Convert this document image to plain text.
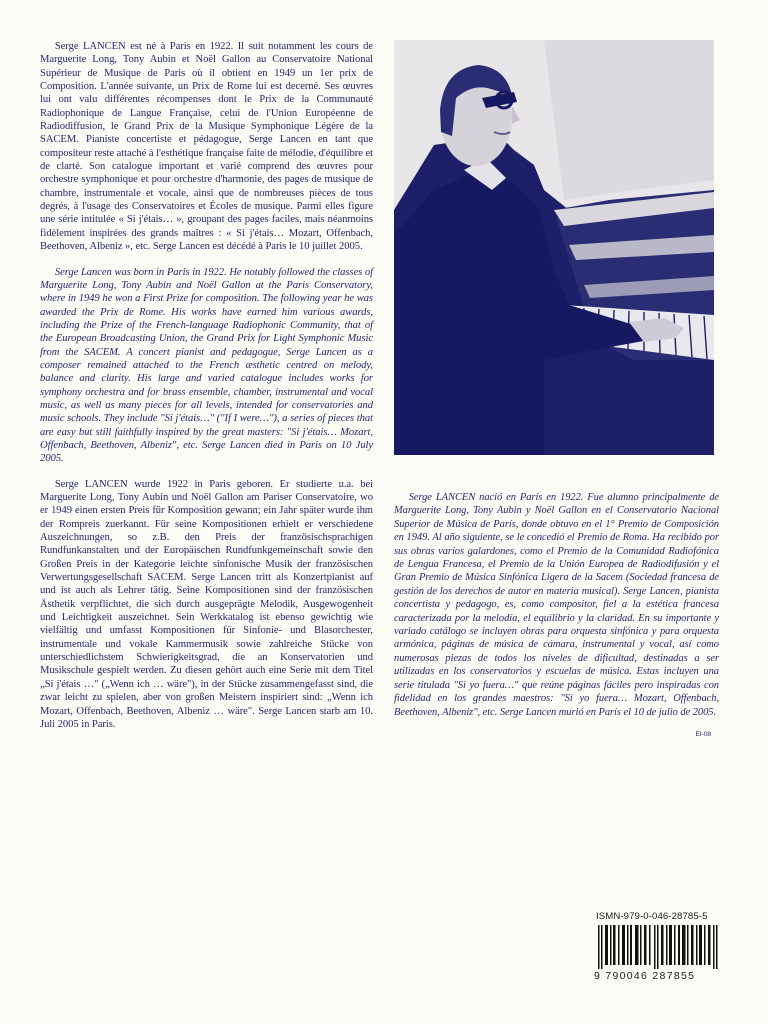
Serge LANCEN est né à Paris en 1922. Il suit notamment les cours de Marguerite Long, Tony Aubin et Noël Gallon au Conservatoire National Supérieur de Musique de Paris où il obtient en 1949 un 1er prix de Composition. L'année suivante, un Prix de Rome lui est decerné. Ses œuvres lui ont valu différentes récompenses dont le Prix de la Communauté Radiophonique de Langue Française, celui de l'Union Européenne de Radiodiffusion, le Grand Prix de la Musique Symphonique Légère de la SACEM. Pianiste concertiste et pédagogue, Serge Lancen en tant que compositeur reste attaché à l'esthétique française faite de mélodie, d'équilibre et de clarté. Son catalogue important et varié comprend des œuvres pour orchestre symphonique et pour orchestre d'harmonie, des pages de musique de chambre, instrumentale et vocale, ainsi que de nombreuses pièces de tous degrés, à l'usage des Conservatoires et Écoles de musique. Parmi elles figure une série intitulée « Si j'étais… », groupant des pages faciles, mais néanmoins fidèlement inspirées des grands maîtres : « Si j'étais… Mozart, Offenbach, Beethoven, Albeniz », etc. Serge Lancen est décédé à Paris le 10 juillet 2005.

Serge Lancen was born in Paris in 1922. He notably followed the classes of Marguerite Long, Tony Aubin and Noël Gallon at the Paris Conservatory, where in 1949 he won a First Prize for composition. The following year he was awarded the Prix de Rome. His works have earned him various awards, including the Prize of the French-language Radiophonic Community, that of the European Broadcasting Union, the Grand Prix for Light Symphonic Music from the SACEM. A concert pianist and pedagogue, Serge Lancen as a composer remained attached to the French æsthetic centred on melody, balance and clarity. His large and varied catalogue includes works for symphony orchestra and for brass ensemble, chamber, instrumental and vocal music, as well as many pieces for all levels, intended for conservatories and music schools. They include "Si j'étais…" ("If I were…"), a series of pieces that are easy but still faithfully inspired by the great masters: "Si j'étais… Mozart, Offenbach, Beethoven, Albeniz", etc. Serge Lancen died in Paris on 10 July 2005.

Serge LANCEN wurde 1922 in Paris geboren. Er studierte u.a. bei Marguerite Long, Tony Aubin und Noël Gallon am Pariser Conservatoire, wo er 1949 einen ersten Preis für Komposition gewann; ein Jahr später wurde ihm der Rompreis zuerkannt. Für seine Kompositionen erhielt er verschiedene Auszeichnungen, so z.B. den Preis der französischsprachigen Rundfunkanstalten und der Europäischen Rundfunkgemeinschaft sowie den Großen Preis in der Kategorie leichte sinfonische Musik der französischen Verwertungsgesellschaft SACEM. Serge Lancen tritt als Konzertpianist auf und ist auch als Lehrer tätig. Seine Kompositionen sind der französischen Ästhetik verpflichtet, die sich durch ausgeprägte Melodik, Ausgewogenheit und Leichtigkeit auszeichnet. Sein Werkkatalog ist ebenso gewichtig wie vielfältig und umfasst Kompositionen für Sinfonie- und Blasorchester, instrumentale und vokale Kammermusik sowie zahlreiche Stücke von unterschiedlichstem Schwierigkeitsgrad, die an Konservatorien und Musikschule gespielt werden. Zu diesen gehört auch eine Serie mit dem Titel „Si j'étais …" („Wenn ich … wäre"), in der Stücke zusammengefasst sind, die zwar leicht zu spielen, aber von großen Meistern inspiriert sind: „Wenn ich Mozart, Offenbach, Beethoven, Albeniz … wäre". Serge Lancen starb am 10. Juli 2005 in Paris.

Photo : Ph. GUERN

Serge LANCEN nació en París en 1922. Fue alumno principalmente de Marguerite Long, Tony Aubin y Noël Gallon en el Conservatorio Nacional Superior de Música de París, donde obtuvo en el 1° Premio de Composición en 1949. Al año siguiente, se le concedió el Premio de Roma. Ha recibido por sus obras varios galardones, como el Premio de la Comunidad Radiofónica de Lengua Francesa, el Premio de la Unión Europea de Radiodifusión y el Gran Premio de Música Sinfónica Ligera de la Sacem (Sociedad francesa de gestión de los derechos de autor en materia musical). Serge Lancen, pianista concertista y pedagogo, es, como compositor, fiel a la estética francesa caracterizada por la melodía, el equilibrio y la claridad. En su importante y variado catálogo se incluyen obras para orquesta sinfónica y para orquesta armónica, páginas de música de cámara, instrumental y vocal, así como numerosas piezas de todos los niveles de dificultad, destinadas a ser utilizadas en los conservatorios y escuelas de música. Estas incluyen una serie titulada "Si yo fuera…" que reúne páginas fáciles pero inspiradas con fidelidad en los grandes maestros: "Si yo fuera… Mozart, Offenbach, Beethoven, Albeniz", etc. Serge Lancen murió en París el 10 de julio de 2005.

EI-08
ISMN-979-0-046-28785-5
9 790046 287855
